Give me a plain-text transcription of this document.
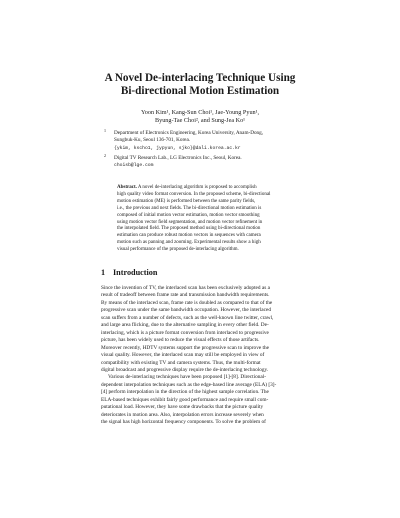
A Novel De-interlacing Technique Using
Bi-directional Motion Estimation
Yoon Kim¹, Kang-Sun Choi¹, Jae-Young Pyun¹,
Byung-Tae Choi², and Sung-Jea Ko¹
1 Department of Electronics Engineering, Korea University, Anam-Dong,
Sungbuk-Ku, Seoul 136-701, Korea.
{ykim, kscho1, jypyun, sjko}@dali.korea.ac.kr
2 Digital TV Research Lab., LG Electronics Inc., Seoul, Korea.
choisb@lge.com
Abstract. A novel de-interlacing algorithm is proposed to accomplish
high quality video format conversion. In the proposed scheme, bi-directional
motion estimation (ME) is performed between the same parity fields,
i.e., the previous and next fields. The bi-directional motion estimation is
composed of initial motion vector estimation, motion vector smoothing
using motion vector field segmentation, and motion vector refinement in
the interpolated field. The proposed method using bi-directional motion
estimation can produce robust motion vectors in sequences with camera
motion such as panning and zooming. Experimental results show a high
visual performance of the proposed de-interlacing algorithm.
1 Introduction
Since the invention of TV, the interlaced scan has been exclusively adopted as a
result of tradeoff between frame rate and transmission bandwidth requirements.
By means of the interlaced scan, frame rate is doubled as compared to that of the
progressive scan under the same bandwidth occupation. However, the interlaced
scan suffers from a number of defects, such as the well-known line twitter, crawl,
and large area flicking, due to the alternative sampling in every other field. De-
interlacing, which is a picture format conversion from interlaced to progressive
picture, has been widely used to reduce the visual effects of those artifacts.
Moreover recently, HDTV systems support the progressive scan to improve the
visual quality. However, the interlaced scan may still be employed in view of
compatibility with existing TV and camera systems. Thus, the multi-format
digital broadcast and progressive display require the de-interlacing technology.
Various de-interlacing techniques have been proposed [1]-[8]. Directional-
dependent interpolation techniques such as the edge-based line average (ELA) [3]-
[4] perform interpolation in the direction of the highest sample correlation. The
ELA-based techniques exhibit fairly good performance and require small com-
putational load. However, they have some drawbacks that the picture quality
deteriorates in motion area. Also, interpolation errors increase severely when
the signal has high horizontal frequency components. To solve the problem of
